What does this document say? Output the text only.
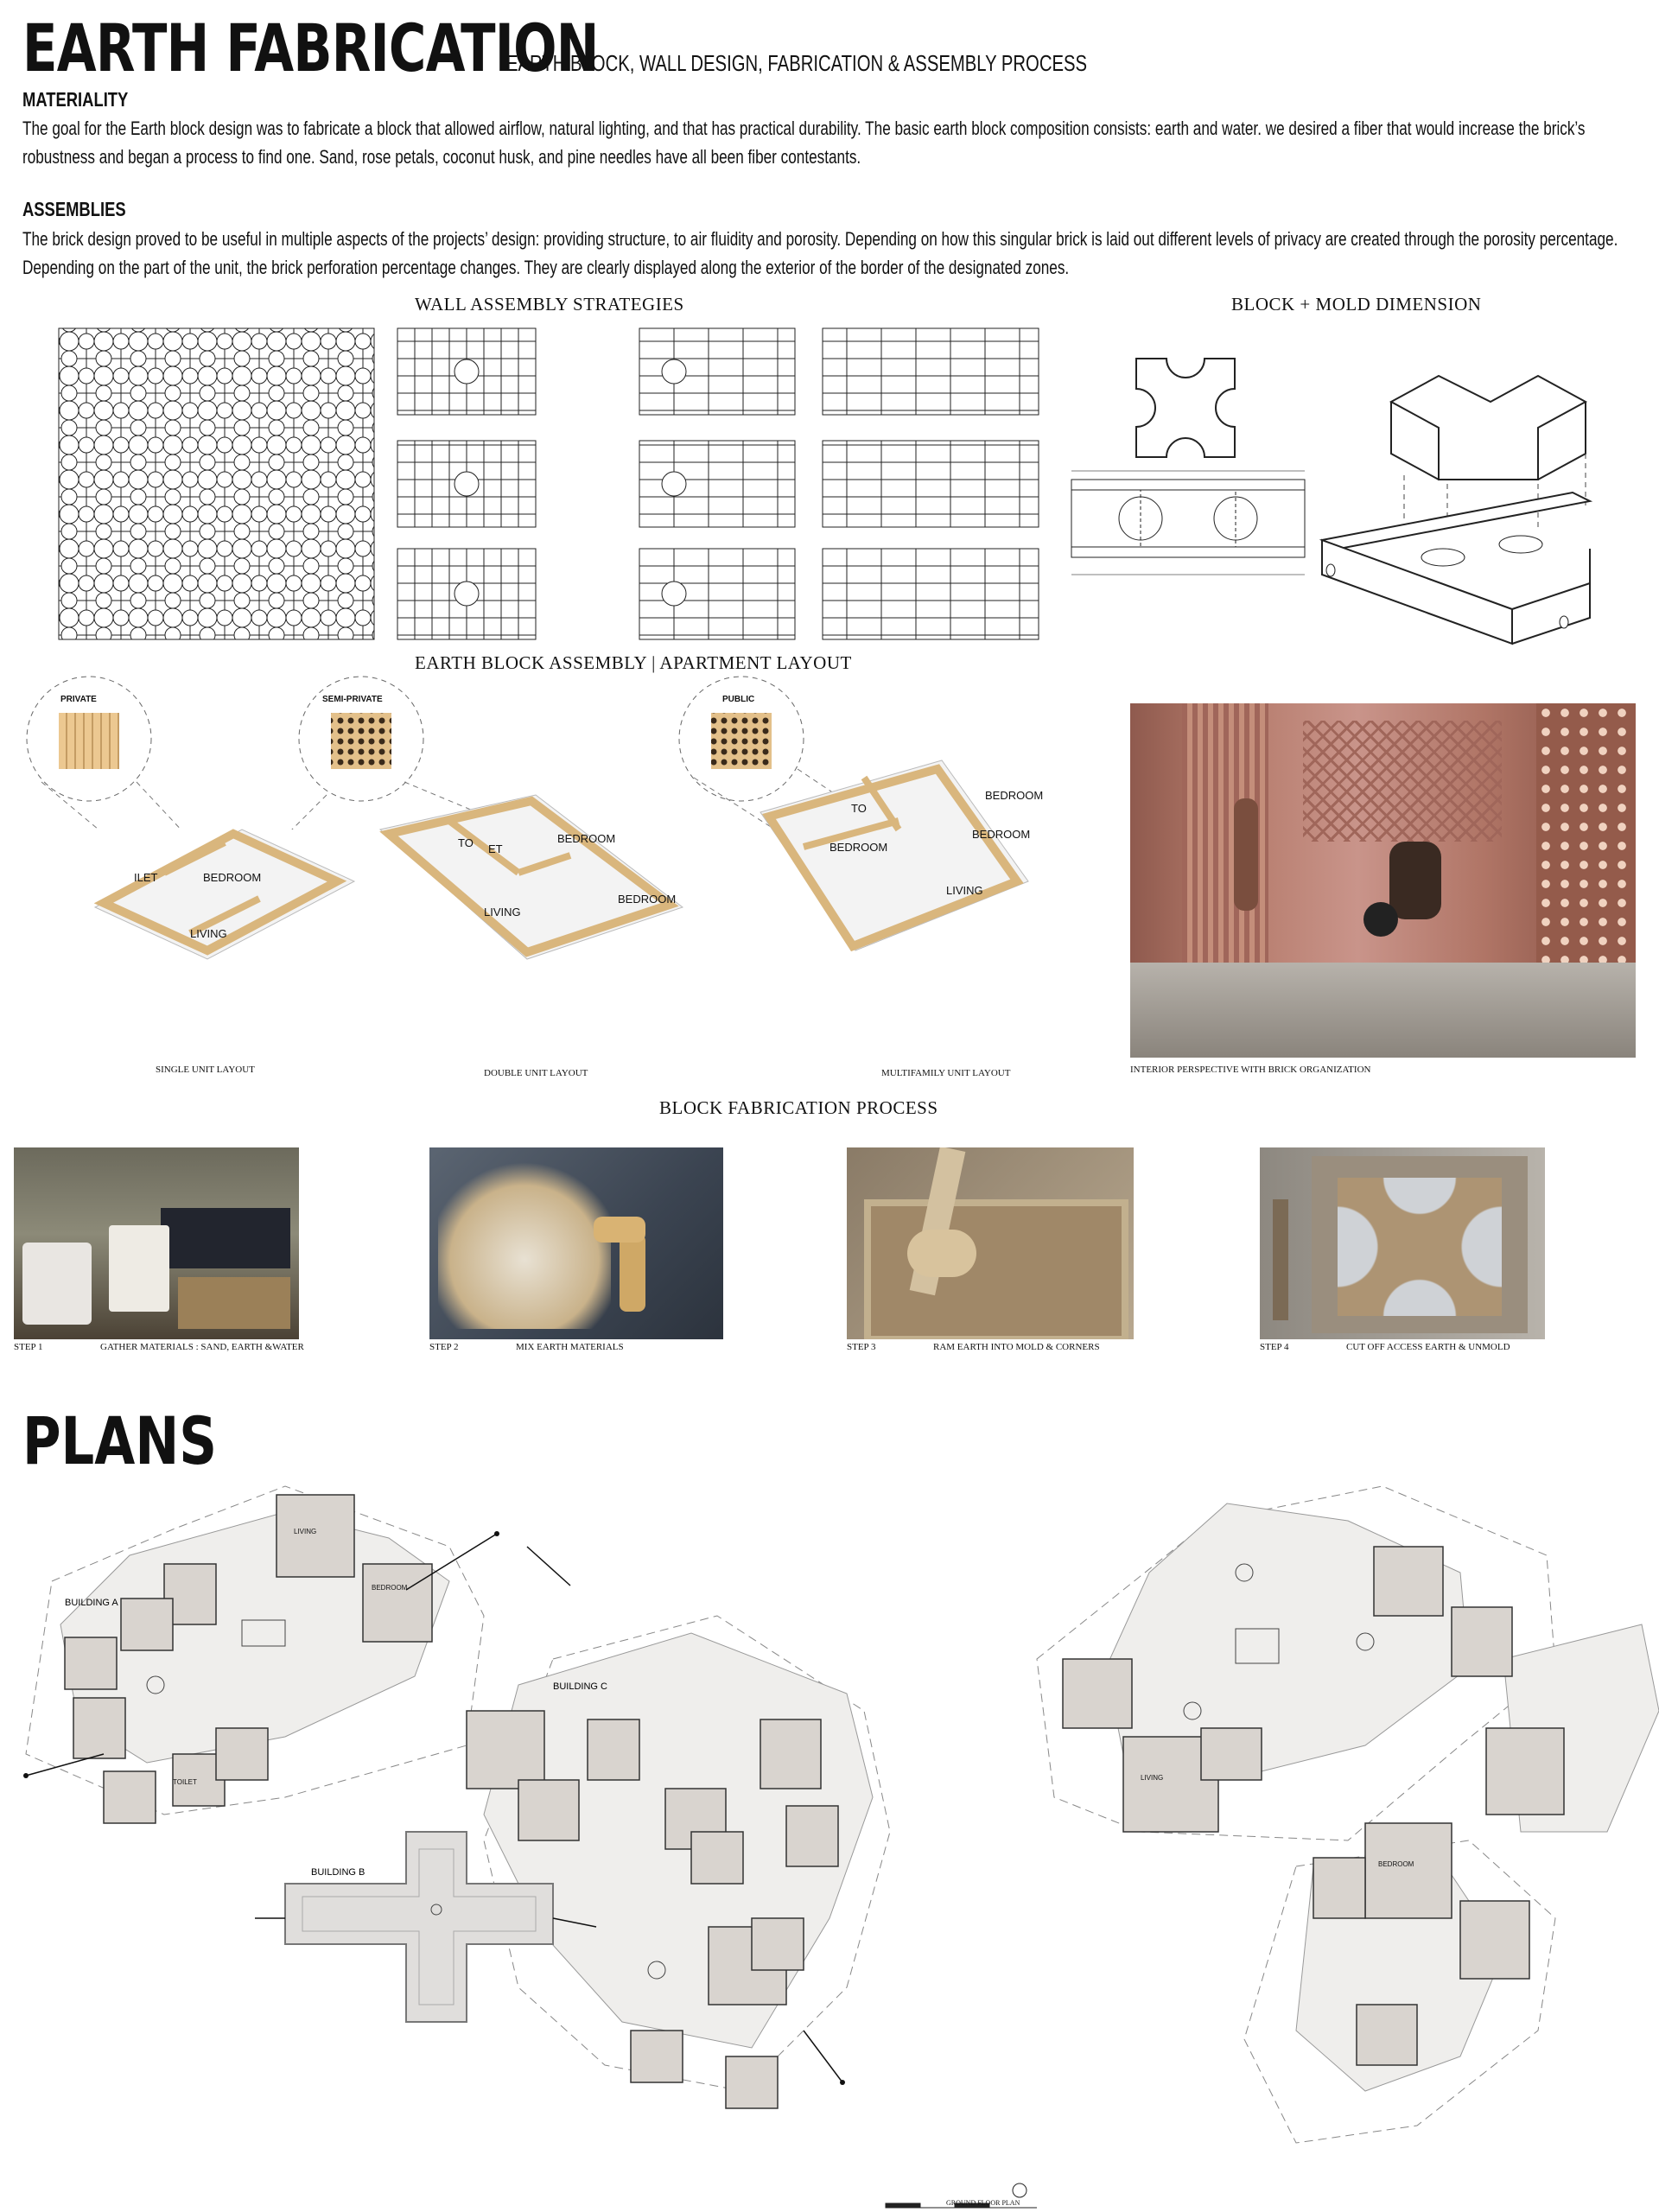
EARTH FABRICATION
EARTH BLOCK, WALL DESIGN, FABRICATION & ASSEMBLY PROCESS
MATERIALITY
The goal for the Earth block design was to fabricate a block that allowed airflow, natural lighting, and that has practical durability. The basic earth block composition consists: earth and water. we desired a fiber that would increase the brick’s robustness and began a process to find one. Sand, rose petals, coconut husk, and pine needles have all been fiber contestants.
ASSEMBLIES
The brick design proved to be useful in multiple aspects of the projects’ design: providing structure, to air fluidity and porosity. Depending on how this singular brick is laid out different levels of privacy are created through the porosity percentage. Depending on the part of the unit, the brick perforation percentage changes. They are clearly displayed along the exterior of the border of the designated zones.
WALL ASSEMBLY STRATEGIES	BLOCK + MOLD DIMENSION
EARTH BLOCK ASSEMBLY | APARTMENT LAYOUT
PRIVATE	SEMI-PRIVATE	PUBLIC
ILET	BEDROOM
LIVING
TO ET
BEDROOM
LIVING
BEDROOM
TO
BEDROOM
BEDROOM
BEDROOM
LIVING
SINGLE UNIT LAYOUT	DOUBLE UNIT LAYOUT	MULTIFAMILY UNIT LAYOUT	INTERIOR PERSPECTIVE WITH BRICK ORGANIZATION
BLOCK FABRICATION PROCESS
STEP 1	GATHER MATERIALS : SAND, EARTH &WATER	STEP 2	MIX EARTH MATERIALS	STEP 3	RAM EARTH INTO MOLD & CORNERS	STEP 4	CUT OFF ACCESS EARTH & UNMOLD
PLANS
BUILDING A
BUILDING B
BUILDING C
LIVING
BEDROOM
LIVING
BEDROOM
TOILET
GROUND FLOOR PLAN
